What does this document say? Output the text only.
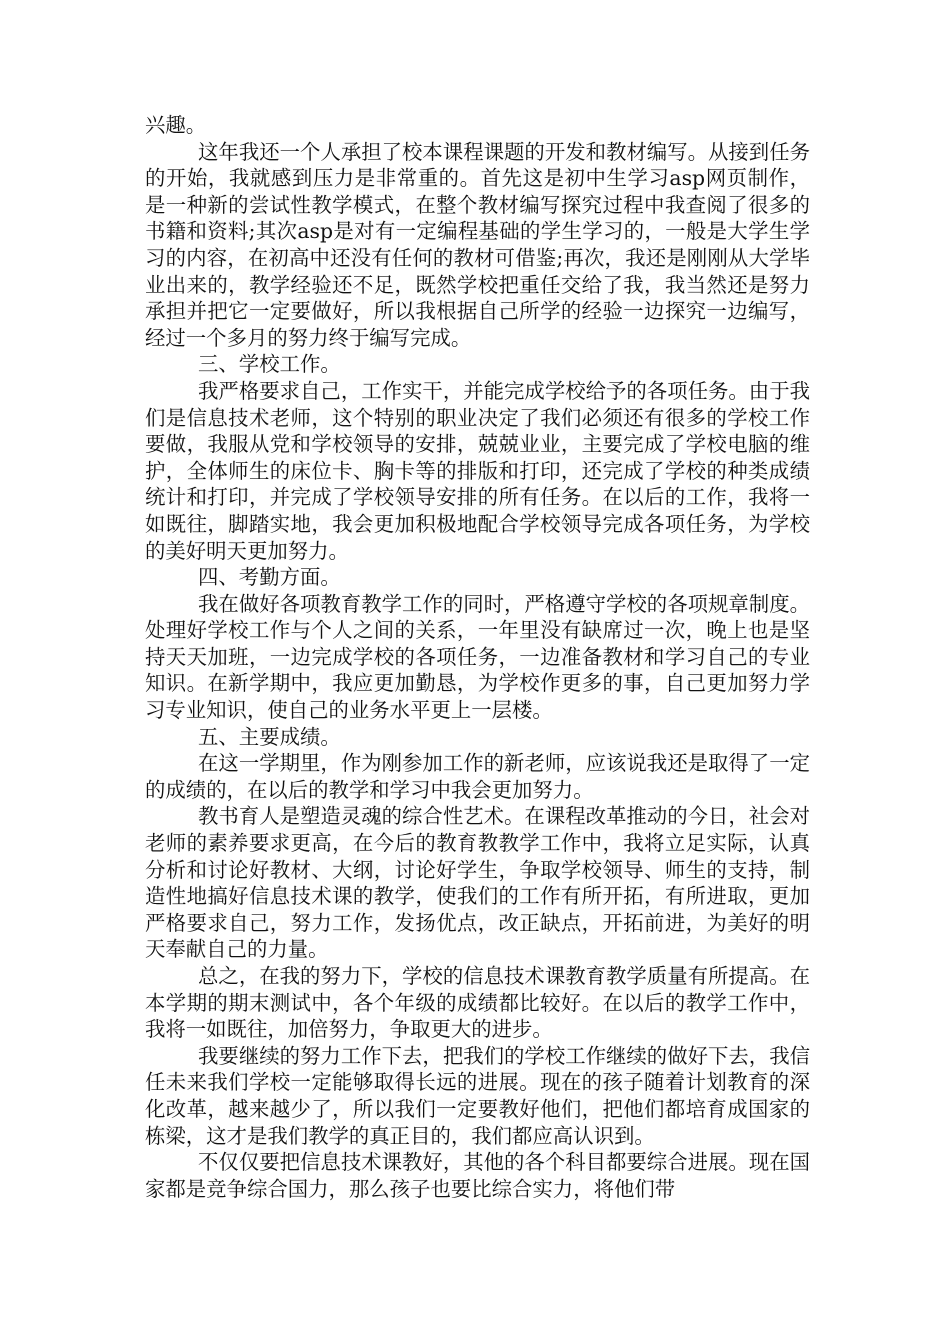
兴趣。

这年我还一个人承担了校本课程课题的开发和教材编写。从接到任务的开始，我就感到压力是非常重的。首先这是初中生学习asp网页制作，是一种新的尝试性教学模式，在整个教材编写探究过程中我查阅了很多的书籍和资料;其次asp是对有一定编程基础的学生学习的，一般是大学生学习的内容，在初高中还没有任何的教材可借鉴;再次，我还是刚刚从大学毕业出来的，教学经验还不足，既然学校把重任交给了我，我当然还是努力承担并把它一定要做好，所以我根据自己所学的经验一边探究一边编写，经过一个多月的努力终于编写完成。

三、学校工作。

我严格要求自己，工作实干，并能完成学校给予的各项任务。由于我们是信息技术老师，这个特别的职业决定了我们必须还有很多的学校工作要做，我服从党和学校领导的安排，兢兢业业，主要完成了学校电脑的维护，全体师生的床位卡、胸卡等的排版和打印，还完成了学校的种类成绩统计和打印，并完成了学校领导安排的所有任务。在以后的工作，我将一如既往，脚踏实地，我会更加积极地配合学校领导完成各项任务，为学校的美好明天更加努力。

四、考勤方面。

我在做好各项教育教学工作的同时，严格遵守学校的各项规章制度。处理好学校工作与个人之间的关系，一年里没有缺席过一次，晚上也是坚持天天加班，一边完成学校的各项任务，一边准备教材和学习自己的专业知识。在新学期中，我应更加勤恳，为学校作更多的事，自己更加努力学习专业知识，使自己的业务水平更上一层楼。

五、主要成绩。

在这一学期里，作为刚参加工作的新老师，应该说我还是取得了一定的成绩的，在以后的教学和学习中我会更加努力。

教书育人是塑造灵魂的综合性艺术。在课程改革推动的今日，社会对老师的素养要求更高，在今后的教育教教学工作中，我将立足实际，认真分析和讨论好教材、大纲，讨论好学生，争取学校领导、师生的支持，制造性地搞好信息技术课的教学，使我们的工作有所开拓，有所进取，更加严格要求自己，努力工作，发扬优点，改正缺点，开拓前进，为美好的明天奉献自己的力量。

总之，在我的努力下，学校的信息技术课教育教学质量有所提高。在本学期的期末测试中，各个年级的成绩都比较好。在以后的教学工作中，我将一如既往，加倍努力，争取更大的进步。

我要继续的努力工作下去，把我们的学校工作继续的做好下去，我信任未来我们学校一定能够取得长远的进展。现在的孩子随着计划教育的深化改革，越来越少了，所以我们一定要教好他们，把他们都培育成国家的栋梁，这才是我们教学的真正目的，我们都应高认识到。

不仅仅要把信息技术课教好，其他的各个科目都要综合进展。现在国家都是竞争综合国力，那么孩子也要比综合实力，将他们带
